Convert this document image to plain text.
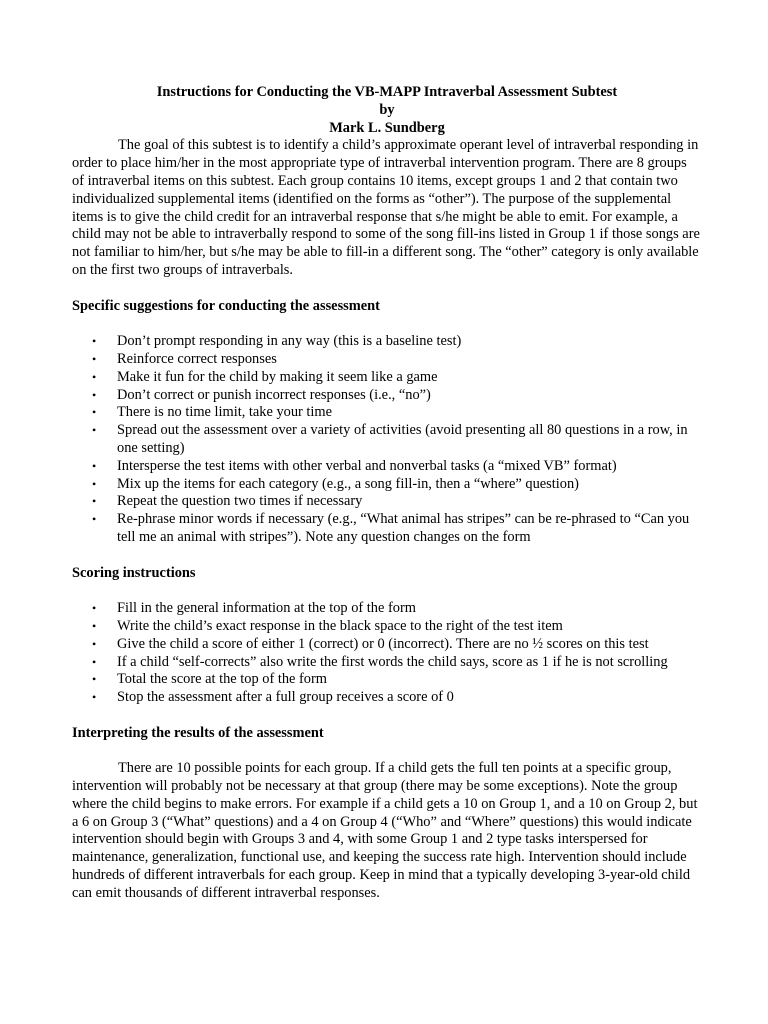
Instructions for Conducting the VB-MAPP Intraverbal Assessment Subtest
by
Mark L. Sundberg

The goal of this subtest is to identify a child’s approximate operant level of intraverbal responding in order to place him/her in the most appropriate type of intraverbal intervention program. There are 8 groups of intraverbal items on this subtest. Each group contains 10 items, except groups 1 and 2 that contain two individualized supplemental items (identified on the forms as “other”). The purpose of the supplemental items is to give the child credit for an intraverbal response that s/he might be able to emit. For example, a child may not be able to intraverbally respond to some of the song fill-ins listed in Group 1 if those songs are not familiar to him/her, but s/he may be able to fill-in a different song. The “other” category is only available on the first two groups of intraverbals.

Specific suggestions for conducting the assessment
• Don’t prompt responding in any way (this is a baseline test)
• Reinforce correct responses
• Make it fun for the child by making it seem like a game
• Don’t correct or punish incorrect responses (i.e., “no”)
• There is no time limit, take your time
• Spread out the assessment over a variety of activities (avoid presenting all 80 questions in a row, in one setting)
• Intersperse the test items with other verbal and nonverbal tasks (a “mixed VB” format)
• Mix up the items for each category (e.g., a song fill-in, then a “where” question)
• Repeat the question two times if necessary
• Re-phrase minor words if necessary (e.g., “What animal has stripes” can be re-phrased to “Can you tell me an animal with stripes”). Note any question changes on the form
Scoring instructions
• Fill in the general information at the top of the form
• Write the child’s exact response in the black space to the right of the test item
• Give the child a score of either 1 (correct) or 0 (incorrect). There are no ½ scores on this test
• If a child “self-corrects” also write the first words the child says, score as 1 if he is not scrolling
• Total the score at the top of the form
• Stop the assessment after a full group receives a score of 0
Interpreting the results of the assessment

There are 10 possible points for each group. If a child gets the full ten points at a specific group, intervention will probably not be necessary at that group (there may be some exceptions). Note the group where the child begins to make errors. For example if a child gets a 10 on Group 1, and a 10 on Group 2, but a 6 on Group 3 (“What” questions) and a 4 on Group 4 (“Who” and “Where” questions) this would indicate intervention should begin with Groups 3 and 4, with some Group 1 and 2 type tasks interspersed for maintenance, generalization, functional use, and keeping the success rate high. Intervention should include hundreds of different intraverbals for each group. Keep in mind that a typically developing 3-year-old child can emit thousands of different intraverbal responses.
